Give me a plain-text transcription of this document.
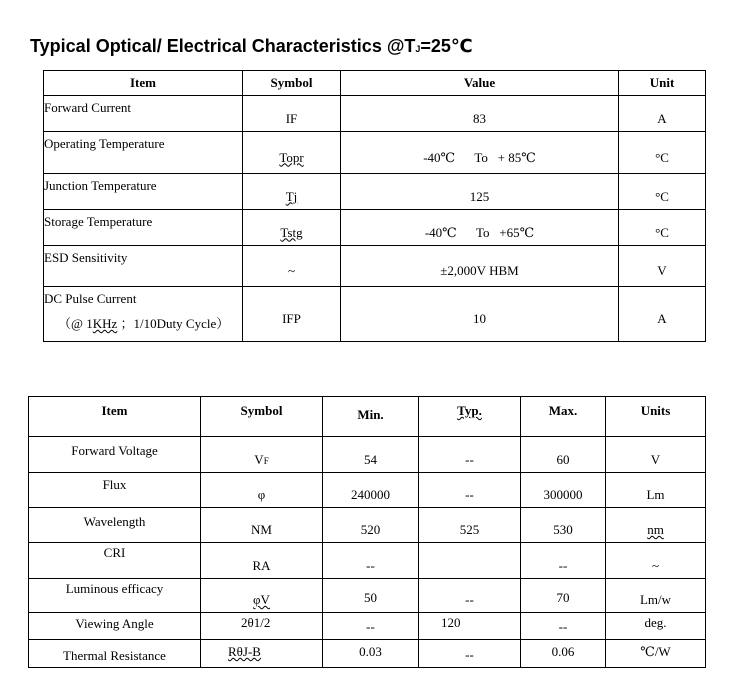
Typical Optical/ Electrical Characteristics @TJ=25℃
Item	Symbol	Value	Unit
Forward Current	IF	83	A
Operating Temperature	Topr	-40℃      To   + 85℃	°C
Junction Temperature	Tj	125	°C
Storage Temperature	Tstg	-40℃      To   +65℃	°C
ESD Sensitivity	~	±2,000V HBM	V

DC Pulse Current
（@ 1KHz ；1/10Duty Cycle）	IFP	10	A
Item	Symbol	Min.	Typ.	Max.	Units
Forward Voltage	VF	54	--	60	V
Flux	φ	240000	--	300000	Lm
Wavelength	NM	520	525	530	nm
CRI	RA	--		--	~
Luminous efficacy	φV	50	--	70	Lm/w
Viewing Angle	2θ1/2	--	120	--	deg.
Thermal Resistance	RθJ-B	0.03	--	0.06	℃/W
